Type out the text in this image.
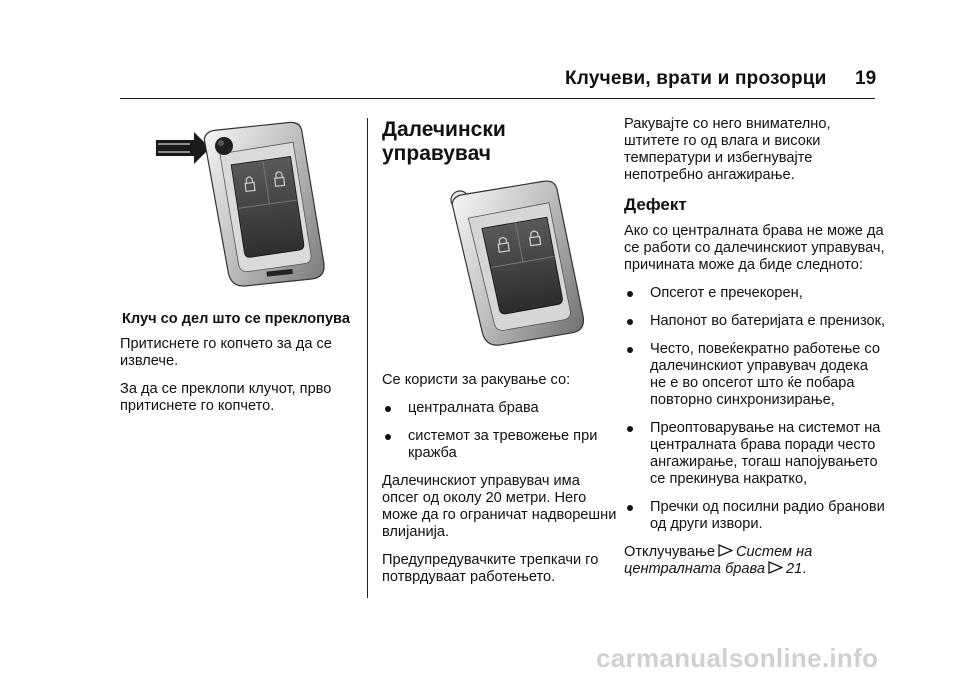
Клучеви, врати и прозорци 19

Клуч со дел што се преклопува

Притиснете го копчето за да се извлече.

За да се преклопи клучот, прво притиснете го копчето.

Далечински управувач

Се користи за ракување со:

централната брава
системот за тревожење при кражба

Далечинскиот управувач има опсег од околу 20 метри. Него може да го ограничат надворешни влијанија.

Предупредувачките трепкачи го потврдуваат работењето.

Ракувајте со него внимателно, штитете го од влага и високи температури и избегнувајте непотребно ангажирање.

Дефект

Ако со централната брава не може да се работи со далечинскиот управувач, причината може да биде следното:

Опсегот е пречекорен,
Напонот во батеријата е пренизок,
Често, повеќекратно работење со далечинскиот управувач додека не е во опсегот што ќе побара повторно синхронизирање,
Преоптоварување на системот на централната брава поради често ангажирање, тогаш напојувањето се прекинува накратко,
Пречки од посилни радио бранови од други извори.

Отклучување Систем на централната брава 21.

carmanualsonline.info
